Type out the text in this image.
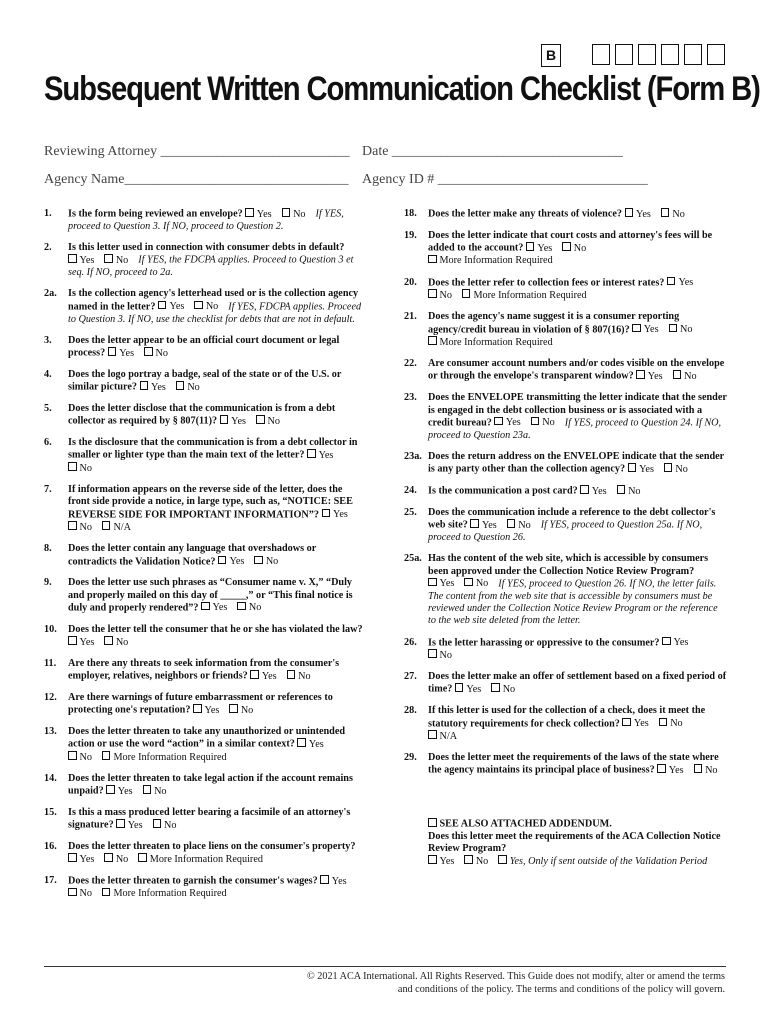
B
Subsequent Written Communication Checklist (Form B)
Reviewing Attorney ___________________________ Date _________________________________
Agency Name________________________________ Agency ID # ______________________________
1.	Is the form being reviewed an envelope? Yes No If YES, proceed to Question 3. If NO, proceed to Question 2.
2.	Is this letter used in connection with consumer debts in default? Yes No If YES, the FDCPA applies. Proceed to Question 3 et seq. If NO, proceed to 2a.
2a.	Is the collection agency's letterhead used or is the collection agency named in the letter? Yes No If YES, FDCPA applies. Proceed to Question 3. If NO, use the checklist for debts that are not in default.
3.	Does the letter appear to be an official court document or legal process? Yes No
4.	Does the logo portray a badge, seal of the state or of the U.S. or similar picture? Yes No
5.	Does the letter disclose that the communication is from a debt collector as required by § 807(11)? Yes No
6.	Is the disclosure that the communication is from a debt collector in smaller or lighter type than the main text of the letter? YesNo
7.	If information appears on the reverse side of the letter, does the front side provide a notice, in large type, such as, “NOTICE: SEE REVERSE SIDE FOR IMPORTANT INFORMATION”? YesNo N/A
8.	Does the letter contain any language that overshadows or contradicts the Validation Notice? Yes No
9.	Does the letter use such phrases as “Consumer name v. X,” “Duly and properly mailed on this day of _____,” or “This final notice is duly and properly rendered”? Yes No
10.	Does the letter tell the consumer that he or she has violated the law? Yes No
11.	Are there any threats to seek information from the consumer's employer, relatives, neighbors or friends? Yes No
12.	Are there warnings of future embarrassment or references to protecting one's reputation? Yes No
13.	Does the letter threaten to take any unauthorized or unintended action or use the word “action” in a similar context? YesNo More Information Required
14.	Does the letter threaten to take legal action if the account remains unpaid? Yes No
15.	Is this a mass produced letter bearing a facsimile of an attorney's signature? Yes No
16.	Does the letter threaten to place liens on the consumer's property? Yes No More Information Required
17.	Does the letter threaten to garnish the consumer's wages? YesNo More Information Required
18.	Does the letter make any threats of violence? Yes No
19.	Does the letter indicate that court costs and attorney's fees will be added to the account? Yes NoMore Information Required
20.	Does the letter refer to collection fees or interest rates? YesNo More Information Required
21.	Does the agency's name suggest it is a consumer reporting agency/credit bureau in violation of § 807(16)? Yes NoMore Information Required
22.	Are consumer account numbers and/or codes visible on the envelope or through the envelope's transparent window? Yes No
23.	Does the ENVELOPE transmitting the letter indicate that the sender is engaged in the debt collection business or is associated with a credit bureau? Yes No If YES, proceed to Question 24. If NO, proceed to Question 23a.
23a. Does the return address on the ENVELOPE indicate that the sender is any party other than the collection agency? Yes No
24.	Is the communication a post card? Yes No
25.	Does the communication include a reference to the debt collector's web site? Yes No If YES, proceed to Question 25a. If NO, proceed to Question 26.
25a. Has the content of the web site, which is accessible by consumers been approved under the Collection Notice Review Program? Yes No If YES, proceed to Question 26. If NO, the letter fails. The content from the web site that is accessible by consumers must be reviewed under the Collection Notice Review Program or the reference to the web site deleted from the letter.
26.	Is the letter harassing or oppressive to the consumer? YesNo
27.	Does the letter make an offer of settlement based on a fixed period of time? Yes No
28.	If this letter is used for the collection of a check, does it meet the statutory requirements for check collection? Yes NoN/A
29.	Does the letter meet the requirements of the laws of the state where the agency maintains its principal place of business? Yes No
SEE ALSO ATTACHED ADDENDUM.
Does this letter meet the requirements of the ACA Collection Notice Review Program?
Yes No Yes, Only if sent outside of the Validation Period
© 2021 ACA International. All Rights Reserved. This Guide does not modify, alter or amend the terms and conditions of the policy. The terms and conditions of the policy will govern.
